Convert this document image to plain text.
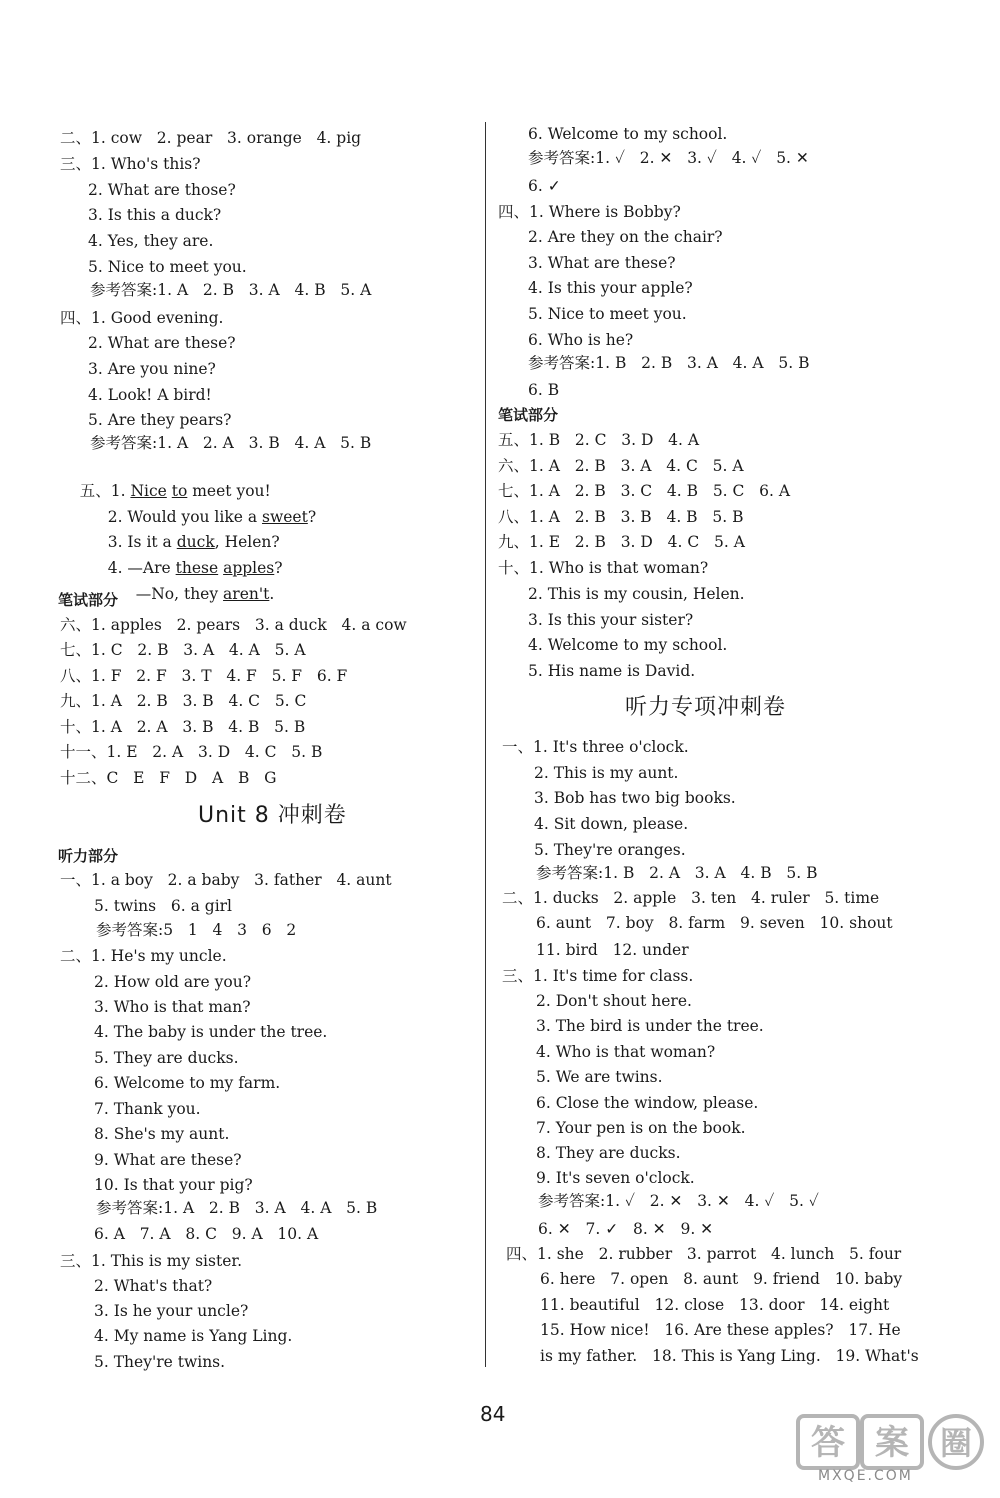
二、1. cow   2. pear   3. orange   4. pig
三、1. Who's this?
2. What are those?
3. Is this a duck?
4. Yes, they are.
5. Nice to meet you.
参考答案:1. A   2. B   3. A   4. B   5. A
四、1. Good evening.
2. What are these?
3. Are you nine?
4. Look! A bird!
5. Are they pears?
参考答案:1. A   2. A   3. B   4. A   5. B

五、1. Nice to meet you!

2. Would you like a sweet?

3. Is it a duck, Helen?

4. —Are these apples?

—No, they aren't.

笔试部分
六、1. apples   2. pears   3. a duck   4. a cow
七、1. C   2. B   3. A   4. A   5. A
八、1. F   2. F   3. T   4. F   5. F   6. F
九、1. A   2. B   3. B   4. C   5. C
十、1. A   2. A   3. B   4. B   5. B
十一、1. E   2. A   3. D   4. C   5. B
十二、C   E   F   D   A   B   G
Unit 8 冲刺卷
听力部分
一、1. a boy   2. a baby   3. father   4. aunt
5. twins   6. a girl
参考答案:5   1   4   3   6   2
二、1. He's my uncle.
2. How old are you?
3. Who is that man?
4. The baby is under the tree.
5. They are ducks.
6. Welcome to my farm.
7. Thank you.
8. She's my aunt.
9. What are these?
10. Is that your pig?
参考答案:1. A   2. B   3. A   4. A   5. B
6. A   7. A   8. C   9. A   10. A
三、1. This is my sister.
2. What's that?
3. Is he your uncle?
4. My name is Yang Ling.
5. They're twins.
6. Welcome to my school.
参考答案:1. ✓   2. ✕   3. ✓   4. ✓   5. ✕
6. ✓
四、1. Where is Bobby?
2. Are they on the chair?
3. What are these?
4. Is this your apple?
5. Nice to meet you.
6. Who is he?
参考答案:1. B   2. B   3. A   4. A   5. B
6. B
笔试部分
五、1. B   2. C   3. D   4. A
六、1. A   2. B   3. A   4. C   5. A
七、1. A   2. B   3. C   4. B   5. C   6. A
八、1. A   2. B   3. B   4. B   5. B
九、1. E   2. B   3. D   4. C   5. A
十、1. Who is that woman?
2. This is my cousin, Helen.
3. Is this your sister?
4. Welcome to my school.
5. His name is David.
听力专项冲刺卷
一、1. It's three o'clock.
2. This is my aunt.
3. Bob has two big books.
4. Sit down, please.
5. They're oranges.
参考答案:1. B   2. A   3. A   4. B   5. B
二、1. ducks   2. apple   3. ten   4. ruler   5. time
6. aunt   7. boy   8. farm   9. seven   10. shout
11. bird   12. under
三、1. It's time for class.
2. Don't shout here.
3. The bird is under the tree.
4. Who is that woman?
5. We are twins.
6. Close the window, please.
7. Your pen is on the book.
8. They are ducks.
9. It's seven o'clock.
参考答案:1. ✓   2. ✕   3. ✕   4. ✓   5. ✓
6. ✕   7. ✓   8. ✕   9. ✕
四、1. she   2. rubber   3. parrot   4. lunch   5. four
6. here   7. open   8. aunt   9. friend   10. baby
11. beautiful   12. close   13. door   14. eight
15. How nice!   16. Are these apples?   17. He
is my father.   18. This is Yang Ling.   19. What's
84
答 案 圈
MXQE.COM
